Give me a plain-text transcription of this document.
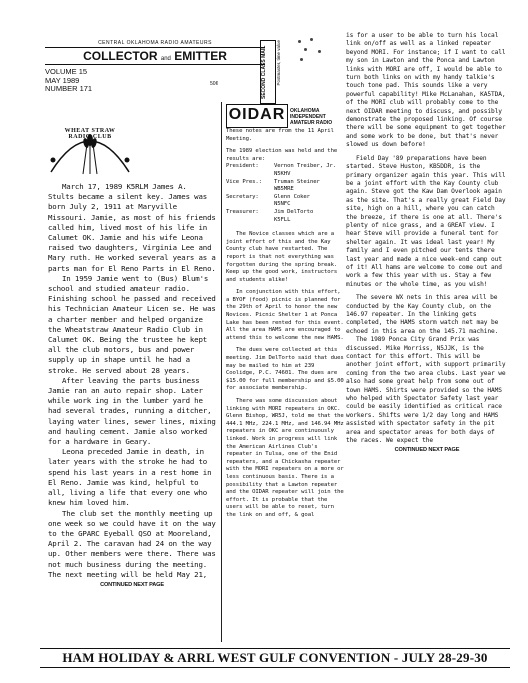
CENTRAL OKLAHOMA RADIO AMATEURS
COLLECTOR and EMITTER
VOLUME 15
MAY 1989
NUMBER 171	50¢	SECOND CLASS MAIL Postmaster, time value
WHEAT STRAW RADIO CLUB
OIDAR OKLAHOMA INDEPENDENT
AMATEUR RADIO

March 17, 1989 K5RLM James A. Stults became a silent key. James was born July 2, 1911 at Maryville Missouri. Jamie, as most of his friends called him, lived most of his life in Calumet OK. Jamie and his wife Leona raised two daughters, Virginia Lee and Mary ruth. He worked several years as a parts man for El Reno Parts in El Reno.

In 1959 Jamie went to (Bus) Blum's school and studied amateur radio. Finishing school he passed and received his Technician Amateur Licen se. He was a charter member and helped organize the Wheatstraw Amateur Radio Club in Calumet OK. Being the trustee he kept all the club motors, bus and power supply up in shape until he had a stroke. He served about 28 years.

After leaving the parts business Jamie ran an auto repair shop. Later while work ing in the lumber yard he had several trades, running a ditcher, laying water lines, sewer lines, mixing and hauling cement. Jamie also worked for a hardware in Geary.

Leona preceded Jamie in death, in later years with the stroke he had to spend his last years in a rest home in El Reno. Jamie was kind, helpful to all, living a life that every one who knew him loved him.

The club set the monthly meeting up one week so we could have it on the way to the GPARC Eyeball QSO at Mooreland, April 2. The caravan had 24 on the way up. Other members were there. There was not much business during the meeting. The next meeting will be held May 21,

CONTINUED NEXT PAGE

These notes are from the 11 April Meeting.

The 1989 election was held and the results are:

President:	Vernon Treiber, Jr.
N5KHV
Vice Pres.:	Truman Steiner
WB5MRE
Secretary:	Glenn Coker
N5NFC
Treasurer:	Jim DelTorto
K5FLL

The Novice classes which are a joint effort of this and the Kay County club have restarted. The report is that not everything was forgotten during the spring break. Keep up the good work, instructors and students alike!

In conjunction with this effort, a BYOF (food) picnic is planned for the 29th of April to honor the new Novices. Picnic Shelter 1 at Ponca Lake has been rented for this event. All the area HAMS are encouraged to attend this to welcome the new HAMS.

The dues were collected at this meeting. Jim DelTorto said that dues may be mailed to him at 239 Coolidge, P.C. 74601. The dues are $15.00 for full membership and $5.00 for associate membership.

There was some discussion about linking with MORI repeaters in OKC. Glenn Bishop, WR5J, told me that the 444.1 MHz, 224.1 MHz, and 146.94 MHz repeaters in OKC are continuously linked. Work in progress will link the American Airlines Club's repeater in Tulsa, one of the Enid repeaters, and a Chickasha repeater with the MORI repeaters on a more or less continuous basis. There is a possibility that a Lawton repeater and the OIDAR repeater will join the effort. It is probable that the users will be able to reset, turn the link on and off, & goal

is for a user to be able to turn his local link on/off as well as a linked repeater beyond MORI. For instance; if I want to call my son in Lawton and the Ponca and Lawton links with MORI are off, I would be able to turn both links on with my handy talkie's touch tone pad. This sounds like a very powerful capability! Mike McLanahan, KA5TDA, of the MORI club will probably come to the next OIDAR meeting to discuss, and possibly demonstrate the proposed linking. Of course there will be some equipment to get together and some work to be done, but that's never slowed us down before!

Field Day '89 preparations have been started. Steve Huston, KB5DDR, is the primary organizer again this year. This will be a joint effort with the Kay County club again. Steve got the Kaw Dam Overlook again as the site. That's a really great Field Day site, high on a hill, where you can catch the breeze, if there is one at all. There's plenty of nice grass, and a GREAT view. I hear Steve will provide a funeral tent for shelter again. It was ideal last year! My family and I even pitched our tents there last year and made a nice week-end camp out of it! All hams are welcome to come out and work a few this year with us. Stay a few minutes or the whole time, as you wish!

The severe WX nets in this area will be conducted by the Kay County club, on the 146.97 repeater. In the linking gets completed, the HAMS storm watch net may be echoed in this area on the 145.71 machine.

The 1989 Ponca City Grand Prix was discussed. Mike Morriss, N5JJK, is the contact for this effort. This will be another joint effort, with support primarily coming from the two area clubs. Last year we also had some great help from some out of town HAMS. Shirts were provided so the HAMS who helped with Spectator Safety last year could be easily identified as critical race workers. Shifts were 1/2 day long and HAMS assisted with spectator safety in the pit area and spectator areas for both days of the races. We expect the

CONTINUED NEXT PAGE
HAM HOLIDAY & ARRL WEST GULF CONVENTION - JULY 28-29-30
